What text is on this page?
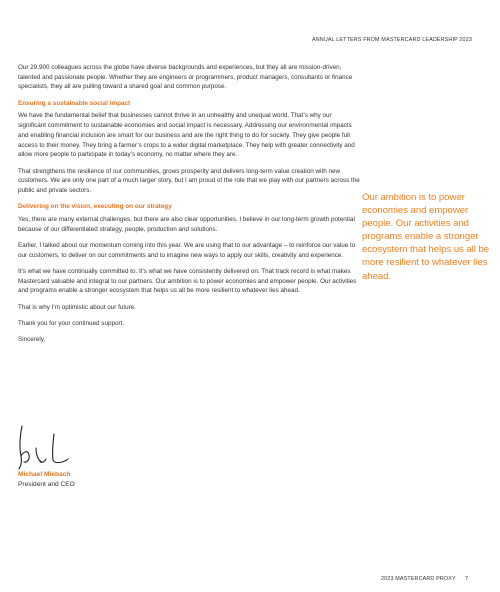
ANNUAL LETTERS FROM MASTERCARD LEADERSHIP 2023

Our 29,900 colleagues across the globe have diverse backgrounds and experiences, but they all are mission-driven, talented and passionate people. Whether they are engineers or programmers, product managers, consultants or finance specialists, they all are pulling toward a shared goal and common purpose.

Ensuring a sustainable social impact

We have the fundamental belief that businesses cannot thrive in an unhealthy and unequal world. That’s why our significant commitment to sustainable economies and social impact is necessary. Addressing our environmental impacts and enabling financial inclusion are smart for our business and are the right thing to do for society. They give people full access to their money. They bring a farmer’s crops to a wider digital marketplace. They help with greater connectivity and allow more people to participate in today’s economy, no matter where they are.

That strengthens the resilience of our communities, grows prosperity and delivers long-term value creation with new customers. We are only one part of a much larger story, but I am proud of the role that we play with our partners across the public and private sectors.

Delivering on the vision, executing on our strategy

Yes, there are many external challenges, but there are also clear opportunities. I believe in our long-term growth potential because of our differentiated strategy, people, production and solutions.

Earlier, I talked about our momentum coming into this year. We are using that to our advantage – to reinforce our value to our customers, to deliver on our commitments and to imagine new ways to apply our skills, creativity and experience.

It’s what we have continually committed to. It’s what we have consistently delivered on. That track record is what makes Mastercard valuable and integral to our partners. Our ambition is to power economies and empower people. Our activities and programs enable a stronger ecosystem that helps us all be more resilient to whatever lies ahead.

That is why I’m optimistic about our future.

Thank you for your continued support.

Sincerely,

Our ambition is to power economies and empower people. Our activities and programs enable a stronger ecosystem that helps us all be more resilient to whatever lies ahead.
Michael Miebach
President and CEO
2023 MASTERCARD PROXY 7
